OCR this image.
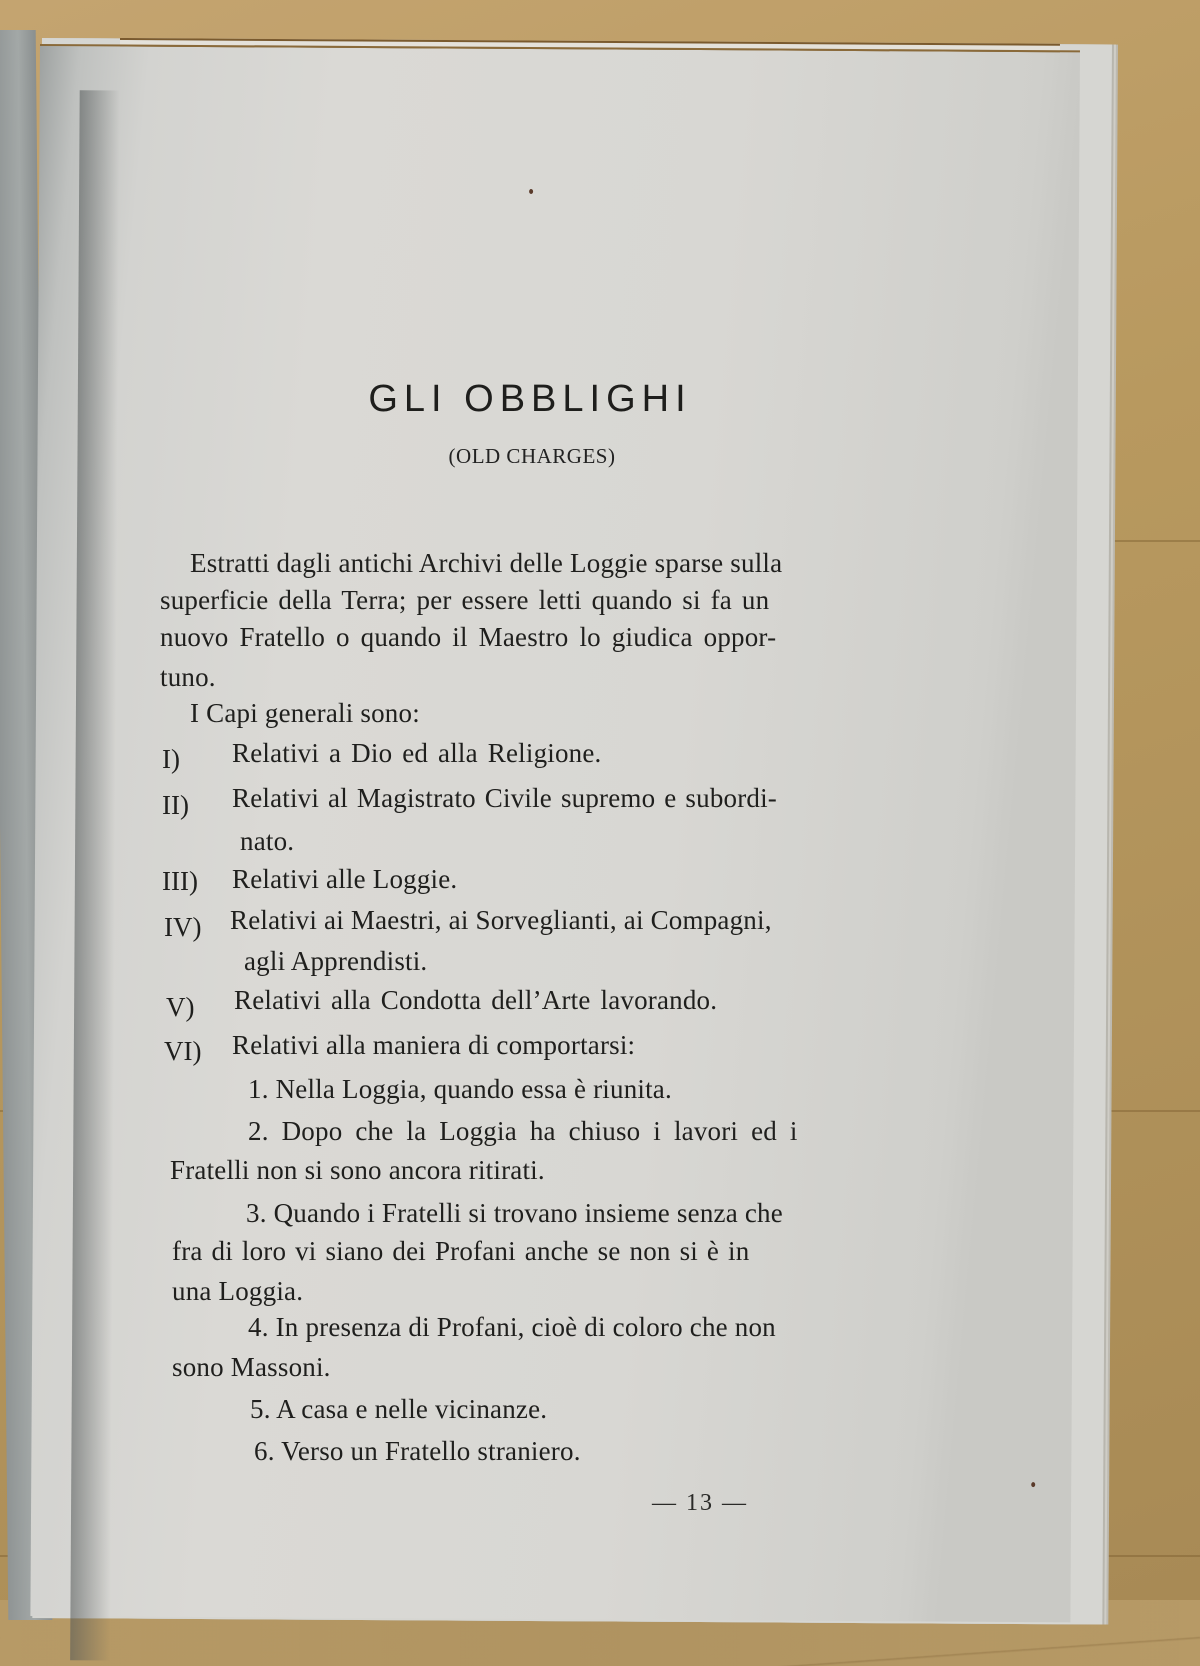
GLI OBBLIGHI
(OLD CHARGES)
Estratti dagli antichi Archivi delle Loggie sparse sulla
superficie della Terra; per essere letti quando si fa un
nuovo Fratello o quando il Maestro lo giudica oppor-
tuno.
I Capi generali sono:
I) Relativi a Dio ed alla Religione.
II) Relativi al Magistrato Civile supremo e subordi-
nato.
III) Relativi alle Loggie.
IV) Relativi ai Maestri, ai Sorveglianti, ai Compagni,
agli Apprendisti.
V) Relativi alla Condotta dell’Arte lavorando.
VI) Relativi alla maniera di comportarsi:
1. Nella Loggia, quando essa è riunita.
2. Dopo che la Loggia ha chiuso i lavori ed i
Fratelli non si sono ancora ritirati.
3. Quando i Fratelli si trovano insieme senza che
fra di loro vi siano dei Profani anche se non si è in
una Loggia.
4. In presenza di Profani, cioè di coloro che non
sono Massoni.
5. A casa e nelle vicinanze.
6. Verso un Fratello straniero.
— 13 —
